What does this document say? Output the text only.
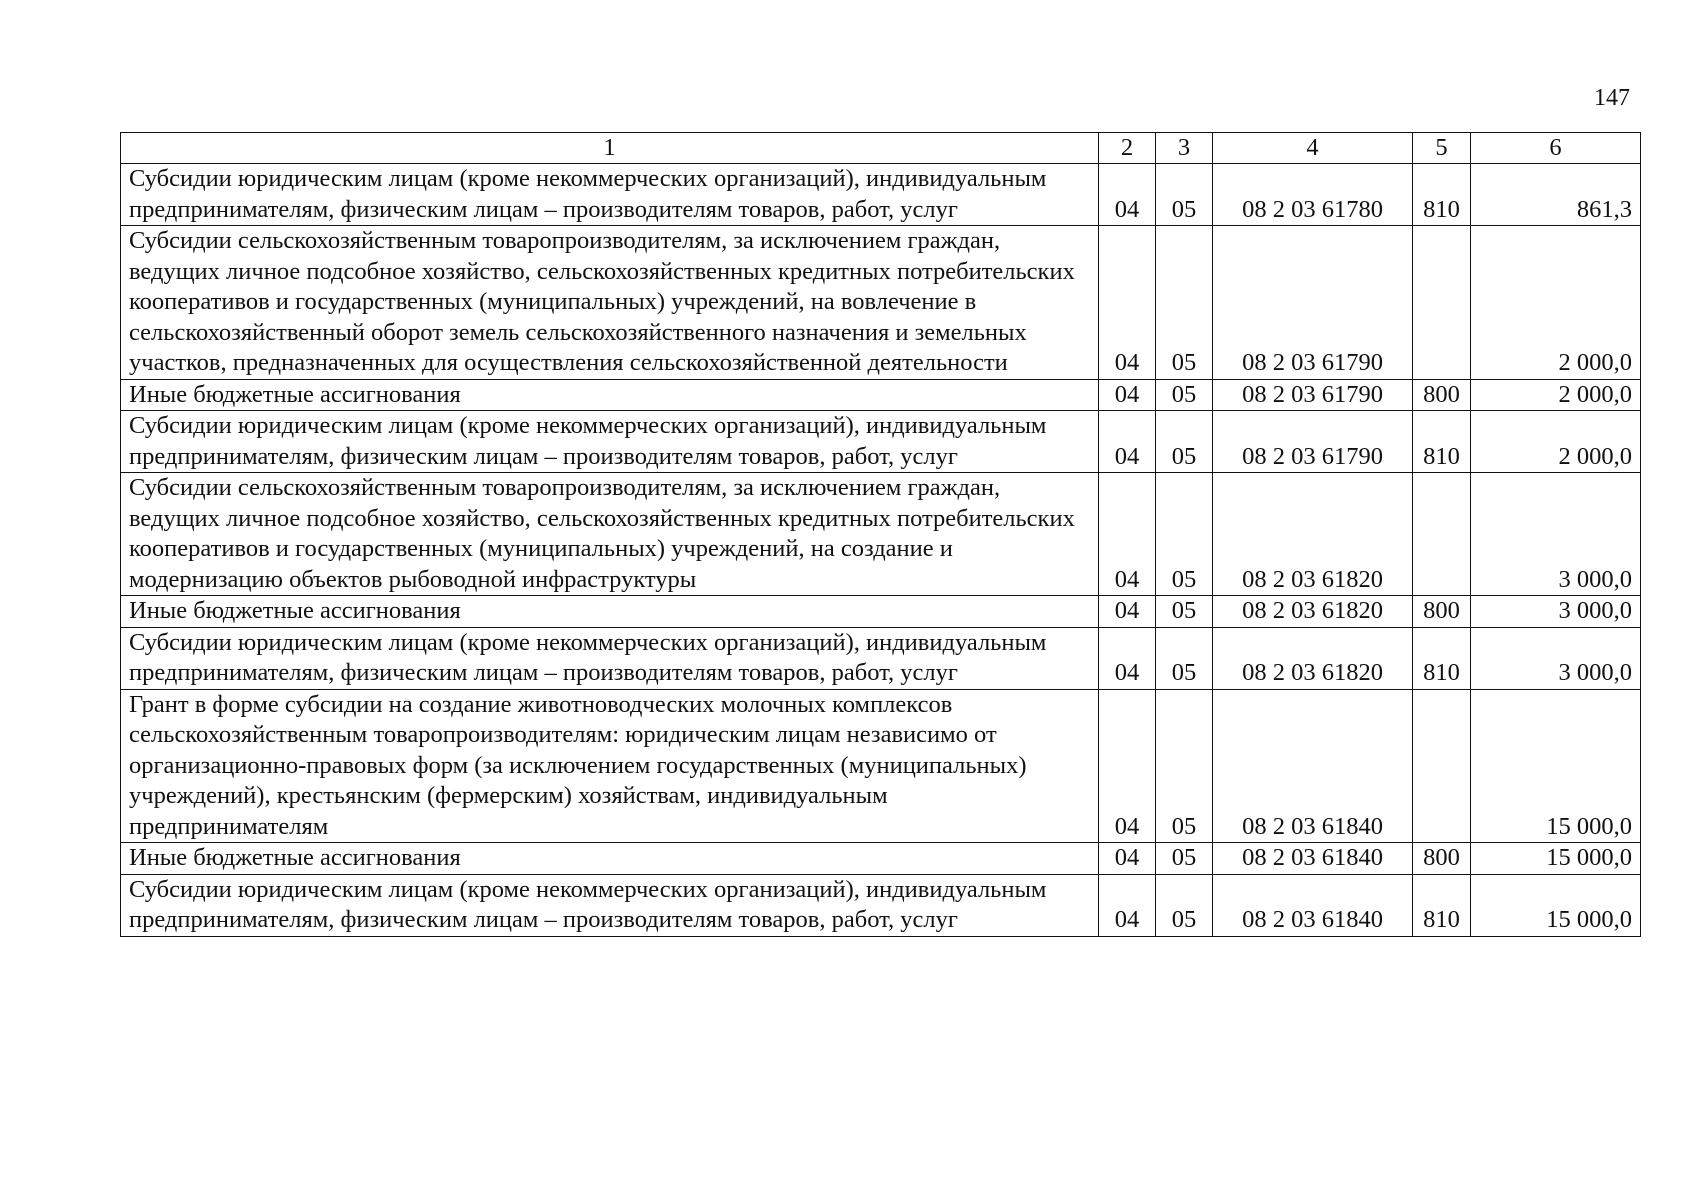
147
1	2	3	4	5	6
Субсидии юридическим лицам (кроме некоммерческих организаций), индивидуальным предпринимателям, физическим лицам – производителям товаров, работ, услуг	04	05	08 2 03 61780	810	861,3
Субсидии сельскохозяйственным товаропроизводителям, за исключением граждан, ведущих личное подсобное хозяйство, сельскохозяйственных кредитных потребительских кооперативов и государственных (муниципальных) учреждений, на вовлечение в сельскохозяйственный оборот земель сельскохозяйственного назначения и земельных участков, предназначенных для осуществления сельскохозяйственной деятельности	04	05	08 2 03 61790		2 000,0
Иные бюджетные ассигнования	04	05	08 2 03 61790	800	2 000,0
Субсидии юридическим лицам (кроме некоммерческих организаций), индивидуальным предпринимателям, физическим лицам – производителям товаров, работ, услуг	04	05	08 2 03 61790	810	2 000,0
Субсидии сельскохозяйственным товаропроизводителям, за исключением граждан, ведущих личное подсобное хозяйство, сельскохозяйственных кредитных потребительских кооперативов и государственных (муниципальных) учреждений, на создание и модернизацию объектов рыбоводной инфраструктуры	04	05	08 2 03 61820		3 000,0
Иные бюджетные ассигнования	04	05	08 2 03 61820	800	3 000,0
Субсидии юридическим лицам (кроме некоммерческих организаций), индивидуальным предпринимателям, физическим лицам – производителям товаров, работ, услуг	04	05	08 2 03 61820	810	3 000,0
Грант в форме субсидии на создание животноводческих молочных комплексов сельскохозяйственным товаропроизводителям: юридическим лицам независимо от организационно-правовых форм (за исключением государственных (муниципальных) учреждений), крестьянским (фермерским) хозяйствам, индивидуальным предпринимателям	04	05	08 2 03 61840		15 000,0
Иные бюджетные ассигнования	04	05	08 2 03 61840	800	15 000,0
Субсидии юридическим лицам (кроме некоммерческих организаций), индивидуальным предпринимателям, физическим лицам – производителям товаров, работ, услуг	04	05	08 2 03 61840	810	15 000,0
